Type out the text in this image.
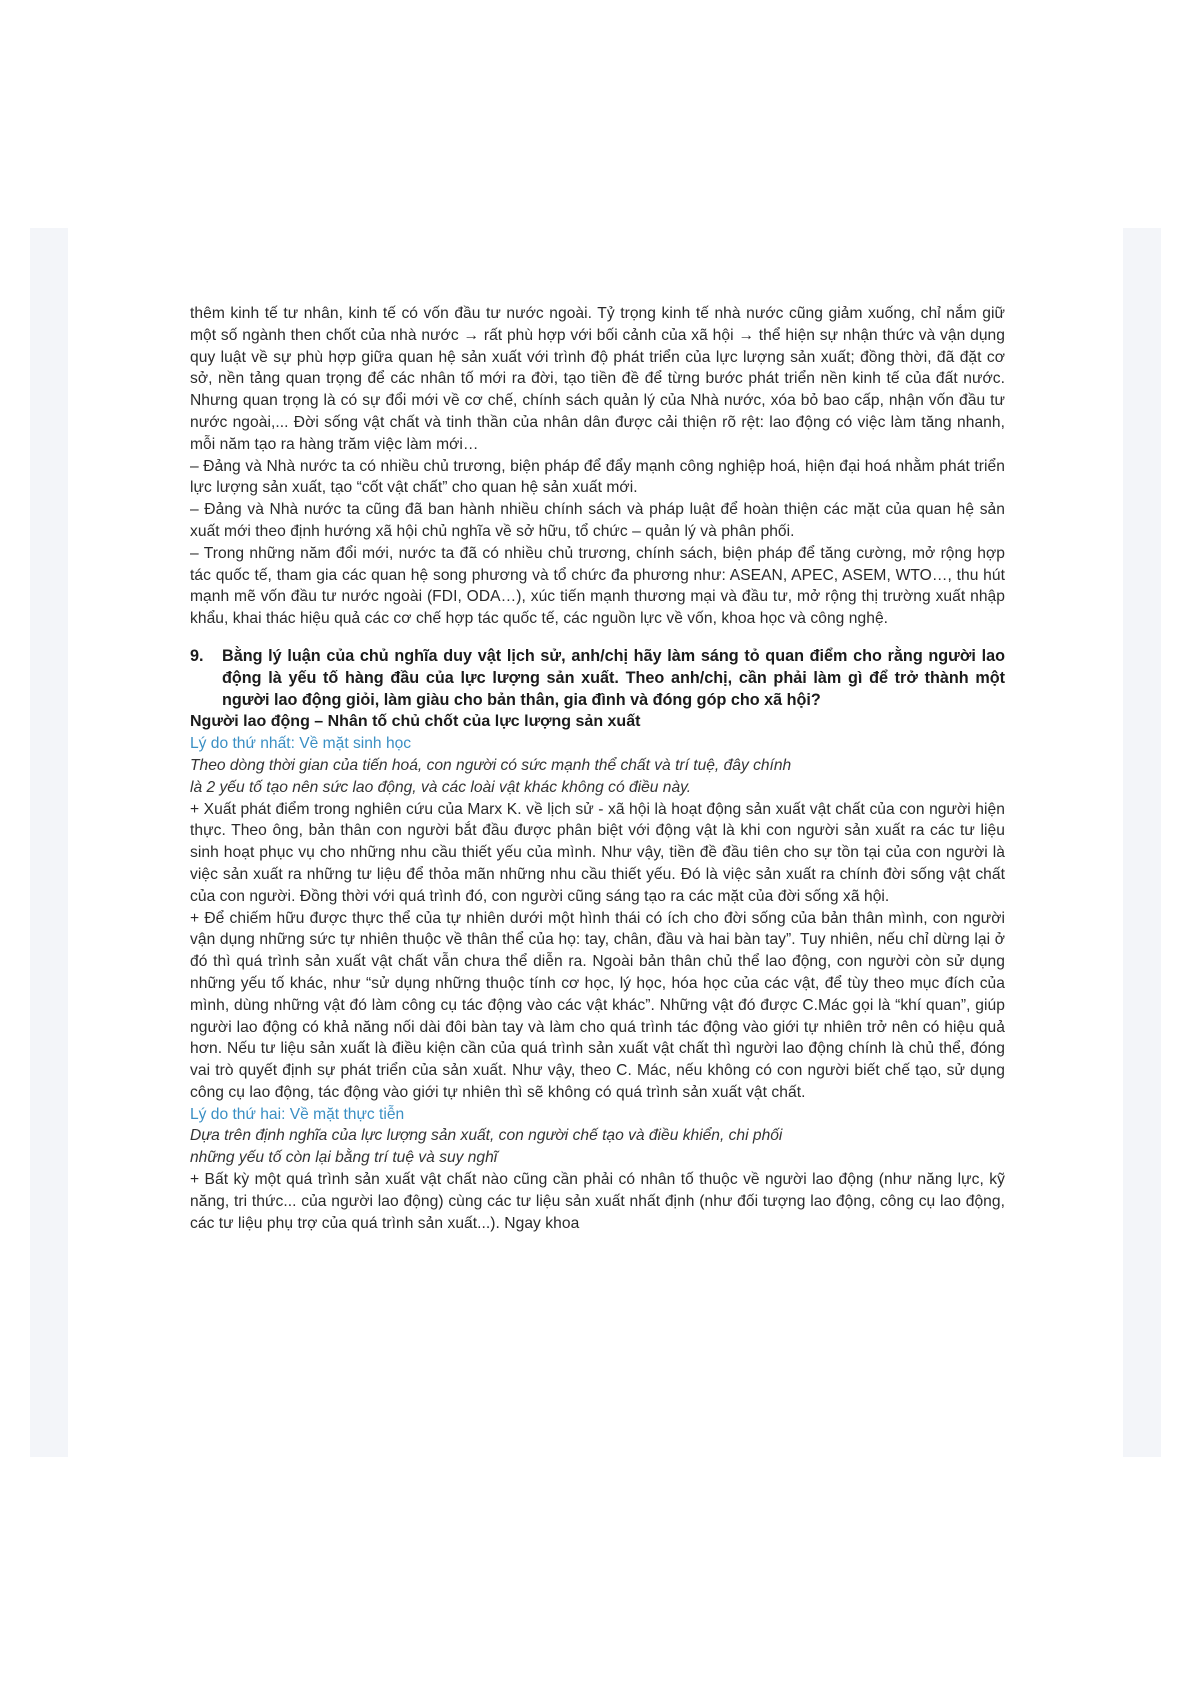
thêm kinh tế tư nhân, kinh tế có vốn đầu tư nước ngoài. Tỷ trọng kinh tế nhà nước cũng giảm xuống, chỉ nắm giữ một số ngành then chốt của nhà nước → rất phù hợp với bối cảnh của xã hội → thể hiện sự nhận thức và vận dụng quy luật về sự phù hợp giữa quan hệ sản xuất với trình độ phát triển của lực lượng sản xuất; đồng thời, đã đặt cơ sở, nền tảng quan trọng để các nhân tố mới ra đời, tạo tiền đề để từng bước phát triển nền kinh tế của đất nước. Nhưng quan trọng là có sự đổi mới về cơ chế, chính sách quản lý của Nhà nước, xóa bỏ bao cấp, nhận vốn đầu tư nước ngoài,... Đời sống vật chất và tinh thần của nhân dân được cải thiện rõ rệt: lao động có việc làm tăng nhanh, mỗi năm tạo ra hàng trăm việc làm mới…

– Đảng và Nhà nước ta có nhiều chủ trương, biện pháp để đẩy mạnh công nghiệp hoá, hiện đại hoá nhằm phát triển lực lượng sản xuất, tạo “cốt vật chất” cho quan hệ sản xuất mới.

– Đảng và Nhà nước ta cũng đã ban hành nhiều chính sách và pháp luật để hoàn thiện các mặt của quan hệ sản xuất mới theo định hướng xã hội chủ nghĩa về sở hữu, tổ chức – quản lý và phân phối.

– Trong những năm đổi mới, nước ta đã có nhiều chủ trương, chính sách, biện pháp để tăng cường, mở rộng hợp tác quốc tế, tham gia các quan hệ song phương và tổ chức đa phương như: ASEAN, APEC, ASEM, WTO…, thu hút mạnh mẽ vốn đầu tư nước ngoài (FDI, ODA…), xúc tiến mạnh thương mại và đầu tư, mở rộng thị trường xuất nhập khẩu, khai thác hiệu quả các cơ chế hợp tác quốc tế, các nguồn lực về vốn, khoa học và công nghệ.

9.	Bằng lý luận của chủ nghĩa duy vật lịch sử, anh/chị hãy làm sáng tỏ quan điểm cho rằng người lao động là yếu tố hàng đầu của lực lượng sản xuất. Theo anh/chị, cần phải làm gì để trở thành một người lao động giỏi, làm giàu cho bản thân, gia đình và đóng góp cho xã hội?

Người lao động – Nhân tố chủ chốt của lực lượng sản xuất

Lý do thứ nhất: Về mặt sinh học

Theo dòng thời gian của tiến hoá, con người có sức mạnh thể chất và trí tuệ, đây chính

là 2 yếu tố tạo nên sức lao động, và các loài vật khác không có điều này.

+ Xuất phát điểm trong nghiên cứu của Marx K. về lịch sử - xã hội là hoạt động sản xuất vật chất của con người hiện thực. Theo ông, bản thân con người bắt đầu được phân biệt với động vật là khi con người sản xuất ra các tư liệu sinh hoạt phục vụ cho những nhu cầu thiết yếu của mình. Như vậy, tiền đề đầu tiên cho sự tồn tại của con người là việc sản xuất ra những tư liệu để thỏa mãn những nhu cầu thiết yếu. Đó là việc sản xuất ra chính đời sống vật chất của con người. Đồng thời với quá trình đó, con người cũng sáng tạo ra các mặt của đời sống xã hội.

+ Để chiếm hữu được thực thể của tự nhiên dưới một hình thái có ích cho đời sống của bản thân mình, con người vận dụng những sức tự nhiên thuộc về thân thể của họ: tay, chân, đầu và hai bàn tay”. Tuy nhiên, nếu chỉ dừng lại ở đó thì quá trình sản xuất vật chất vẫn chưa thể diễn ra. Ngoài bản thân chủ thể lao động, con người còn sử dụng những yếu tố khác, như “sử dụng những thuộc tính cơ học, lý học, hóa học của các vật, để tùy theo mục đích của mình, dùng những vật đó làm công cụ tác động vào các vật khác”. Những vật đó được C.Mác gọi là “khí quan”, giúp người lao động có khả năng nối dài đôi bàn tay và làm cho quá trình tác động vào giới tự nhiên trở nên có hiệu quả hơn. Nếu tư liệu sản xuất là điều kiện cần của quá trình sản xuất vật chất thì người lao động chính là chủ thể, đóng vai trò quyết định sự phát triển của sản xuất. Như vậy, theo C. Mác, nếu không có con người biết chế tạo, sử dụng công cụ lao động, tác động vào giới tự nhiên thì sẽ không có quá trình sản xuất vật chất.

Lý do thứ hai: Về mặt thực tiễn

Dựa trên định nghĩa của lực lượng sản xuất, con người chế tạo và điều khiển, chi phối

những yếu tố còn lại bằng trí tuệ và suy nghĩ

+ Bất kỳ một quá trình sản xuất vật chất nào cũng cần phải có nhân tố thuộc về người lao động (như năng lực, kỹ năng, tri thức... của người lao động) cùng các tư liệu sản xuất nhất định (như đối tượng lao động, công cụ lao động, các tư liệu phụ trợ của quá trình sản xuất...). Ngay khoa
